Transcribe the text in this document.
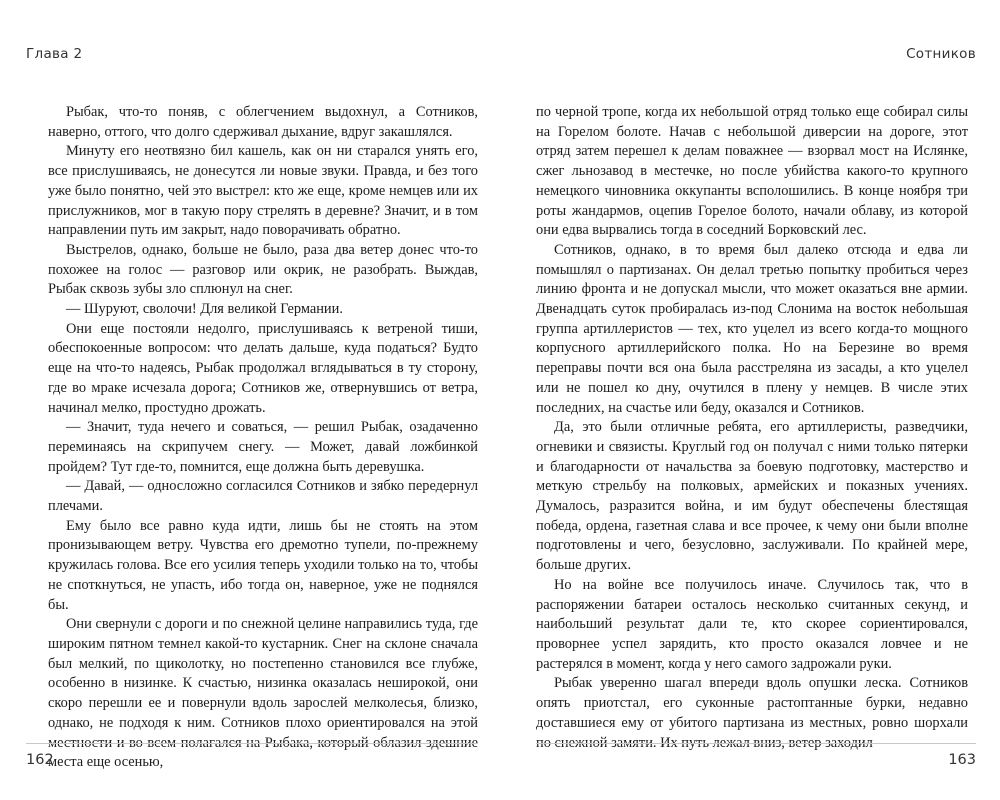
Глава 2

Рыбак, что-то поняв, с облегчением выдохнул, а Сотников, наверно, оттого, что долго сдерживал дыхание, вдруг закашлялся.

Минуту его неотвязно бил кашель, как он ни старался унять его, все прислушиваясь, не донесутся ли новые звуки. Правда, и без того уже было понятно, чей это выстрел: кто же еще, кроме немцев или их прислужников, мог в такую пору стрелять в деревне? Значит, и в том направлении путь им закрыт, надо поворачивать обратно.

Выстрелов, однако, больше не было, раза два ветер донес что-то похожее на голос — разговор или окрик, не разобрать. Выждав, Рыбак сквозь зубы зло сплюнул на снег.

— Шуруют, сволочи! Для великой Германии.

Они еще постояли недолго, прислушиваясь к ветреной тиши, обеспокоенные вопросом: что делать дальше, куда податься? Будто еще на что-то надеясь, Рыбак продолжал вглядываться в ту сторону, где во мраке исчезала дорога; Сотников же, отвернувшись от ветра, начинал мелко, простудно дрожать.

— Значит, туда нечего и соваться, — решил Рыбак, озадаченно переминаясь на скрипучем снегу. — Может, давай ложбинкой пройдем? Тут где-то, помнится, еще должна быть деревушка.

— Давай, — односложно согласился Сотников и зябко передернул плечами.

Ему было все равно куда идти, лишь бы не стоять на этом пронизывающем ветру. Чувства его дремотно тупели, по-прежнему кружилась голова. Все его усилия теперь уходили только на то, чтобы не споткнуться, не упасть, ибо тогда он, наверное, уже не поднялся бы.

Они свернули с дороги и по снежной целине направились туда, где широким пятном темнел какой-то кустарник. Снег на склоне сначала был мелкий, по щиколотку, но постепенно становился все глубже, особенно в низинке. К счастью, низинка оказалась неширокой, они скоро перешли ее и повернули вдоль зарослей мелколесья, близко, однако, не подходя к ним. Сотников плохо ориентировался на этой местности и во всем полагался на Рыбака, который облазил здешние места еще осенью,

162
Сотников

по черной тропе, когда их небольшой отряд только еще собирал силы на Горелом болоте. Начав с небольшой диверсии на дороге, этот отряд затем перешел к делам поважнее — взорвал мост на Ислянке, сжег льнозавод в местечке, но после убийства какого-то крупного немецкого чиновника оккупанты всполошились. В конце ноября три роты жандармов, оцепив Горелое болото, начали облаву, из которой они едва вырвались тогда в соседний Борковский лес.

Сотников, однако, в то время был далеко отсюда и едва ли помышлял о партизанах. Он делал третью попытку пробиться через линию фронта и не допускал мысли, что может оказаться вне армии. Двенадцать суток пробиралась из-под Слонима на восток небольшая группа артиллеристов — тех, кто уцелел из всего когда-то мощного корпусного артиллерийского полка. Но на Березине во время переправы почти вся она была расстреляна из засады, а кто уцелел или не пошел ко дну, очутился в плену у немцев. В числе этих последних, на счастье или беду, оказался и Сотников.

Да, это были отличные ребята, его артиллеристы, разведчики, огневики и связисты. Круглый год он получал с ними только пятерки и благодарности от начальства за боевую подготовку, мастерство и меткую стрельбу на полковых, армейских и показных учениях. Думалось, разразится война, и им будут обеспечены блестящая победа, ордена, газетная слава и все прочее, к чему они были вполне подготовлены и чего, безусловно, заслуживали. По крайней мере, больше других.

Но на войне все получилось иначе. Случилось так, что в распоряжении батареи осталось несколько считанных секунд, и наибольший результат дали те, кто скорее сориентировался, проворнее успел зарядить, кто просто оказался ловчее и не растерялся в момент, когда у него самого задрожали руки.

Рыбак уверенно шагал впереди вдоль опушки леска. Сотников опять приотстал, его суконные растоптанные бурки, недавно доставшиеся ему от убитого партизана из местных, ровно шорхали по снежной замяти. Их путь лежал вниз, ветер заходил

163
